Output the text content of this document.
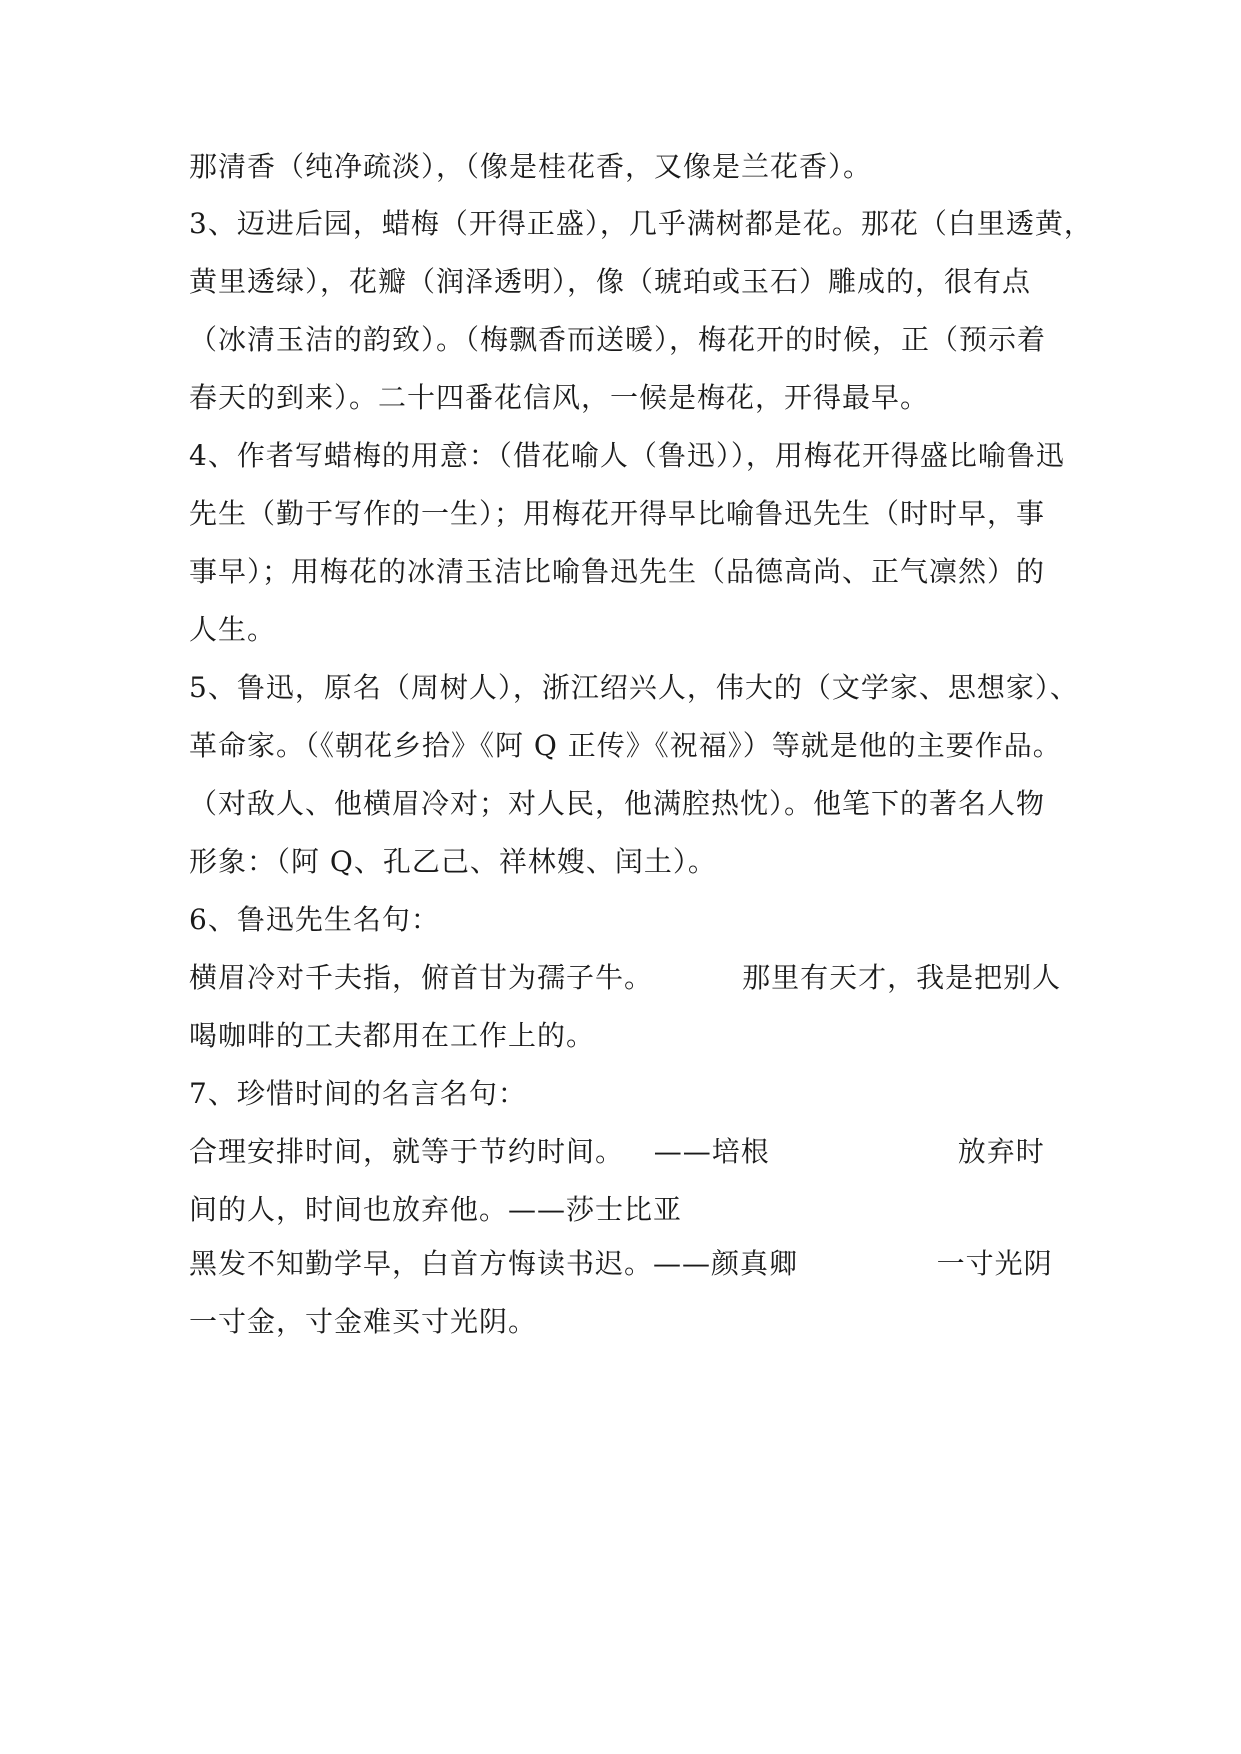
那清香（纯净疏淡），（像是桂花香，又像是兰花香）。
3、迈进后园，蜡梅（开得正盛），几乎满树都是花。那花（白里透黄，
黄里透绿），花瓣（润泽透明），像（琥珀或玉石）雕成的，很有点
（冰清玉洁的韵致）。（梅飘香而送暖），梅花开的时候，正（预示着
春天的到来）。二十四番花信风，一候是梅花，开得最早。
4、作者写蜡梅的用意：（借花喻人（鲁迅）），用梅花开得盛比喻鲁迅
先生（勤于写作的一生）；用梅花开得早比喻鲁迅先生（时时早，事
事早）；用梅花的冰清玉洁比喻鲁迅先生（品德高尚、正气凛然）的
人生。
5、鲁迅，原名（周树人），浙江绍兴人，伟大的（文学家、思想家）、
革命家。（《朝花乡拾》《阿 Q 正传》《祝福》）等就是他的主要作品。
（对敌人、他横眉冷对；对人民，他满腔热忱）。他笔下的著名人物
形象：（阿 Q、孔乙己、祥林嫂、闰土）。
6、鲁迅先生名句：
横眉冷对千夫指，俯首甘为孺子牛。         那里有天才，我是把别人
喝咖啡的工夫都用在工作上的。
7、珍惜时间的名言名句：
合理安排时间，就等于节约时间。   ——培根                   放弃时
间的人，时间也放弃他。——莎士比亚
黑发不知勤学早，白首方悔读书迟。——颜真卿              一寸光阴
一寸金，寸金难买寸光阴。
